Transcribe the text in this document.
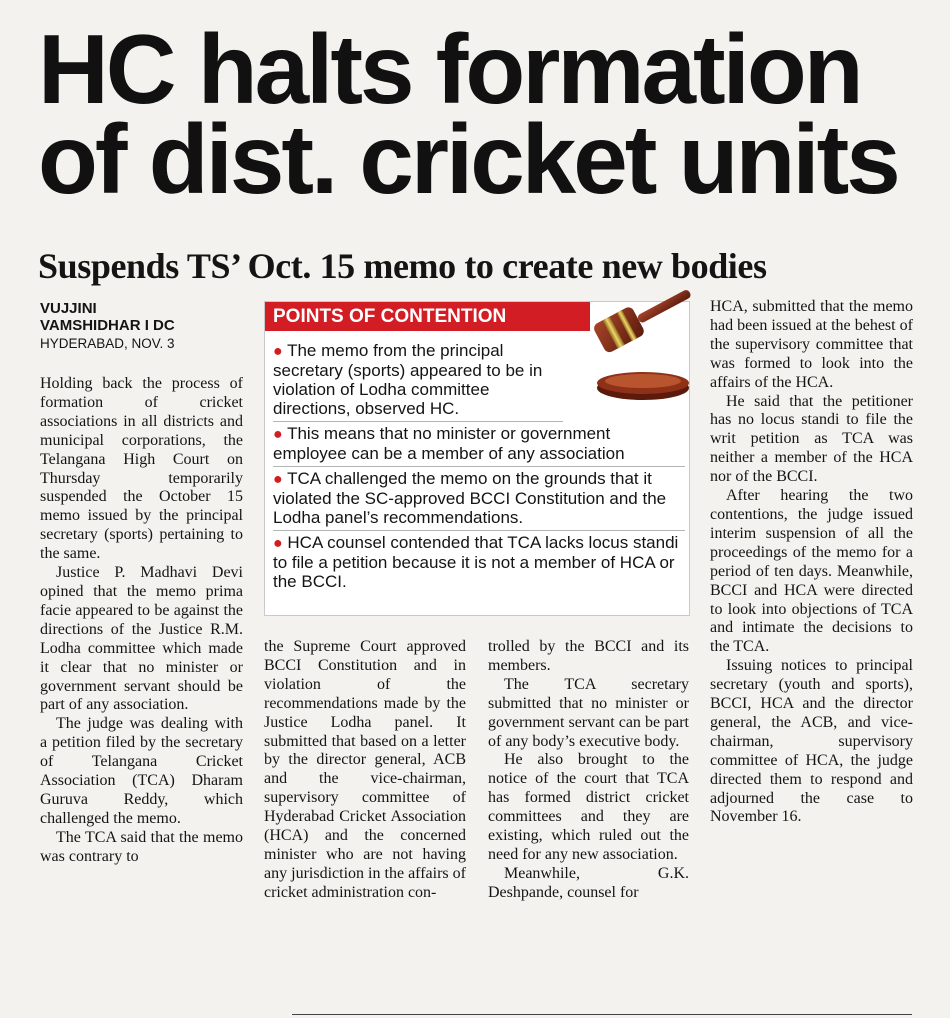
HC halts formation
of dist. cricket units
Suspends TS’ Oct. 15 memo to create new bodies
VUJJINI
VAMSHIDHAR I DC
HYDERABAD, NOV. 3

Holding back the process of formation of cricket associations in all districts and municipal corporations, the Telangana High Court on Thursday temporarily suspended the October 15 memo issued by the principal secretary (sports) pertaining to the same.

Justice P. Madhavi Devi opined that the memo prima facie appeared to be against the directions of the Justice R.M. Lodha committee which made it clear that no minister or government servant should be part of any association.

The judge was dealing with a petition filed by the secretary of Telangana Cricket Association (TCA) Dharam Guruva Reddy, which challenged the memo.

The TCA said that the memo was contrary to

POINTS OF CONTENTION
● The memo from the principal secretary (sports) appeared to be in violation of Lodha committee directions, observed HC.
● This means that no minister or government employee can be a member of any association
● TCA challenged the memo on the grounds that it violated the SC-approved BCCI Constitution and the Lodha panel’s recommendations.
● HCA counsel contended that TCA lacks locus standi to file a petition because it is not a member of HCA or the BCCI.

the Supreme Court approved BCCI Constitution and in violation of the recommendations made by the Justice Lodha panel. It submitted that based on a letter by the director general, ACB and the vice-chairman, supervisory committee of Hyderabad Cricket Association (HCA) and the concerned minister who are not having any jurisdiction in the affairs of cricket administration con-

trolled by the BCCI and its members.

The TCA secretary submitted that no minister or government servant can be part of any body’s executive body.

He also brought to the notice of the court that TCA has formed district cricket committees and they are existing, which ruled out the need for any new association.

Meanwhile, G.K. Deshpande, counsel for

HCA, submitted that the memo had been issued at the behest of the supervisory committee that was formed to look into the affairs of the HCA.

He said that the petitioner has no locus standi to file the writ petition as TCA was neither a member of the HCA nor of the BCCI.

After hearing the two contentions, the judge issued interim suspension of all the proceedings of the memo for a period of ten days. Meanwhile, BCCI and HCA were directed to look into objections of TCA and intimate the decisions to the TCA.

Issuing notices to principal secretary (youth and sports), BCCI, HCA and the director general, the ACB, and vice-chairman, supervisory committee of HCA, the judge directed them to respond and adjourned the case to November 16.
